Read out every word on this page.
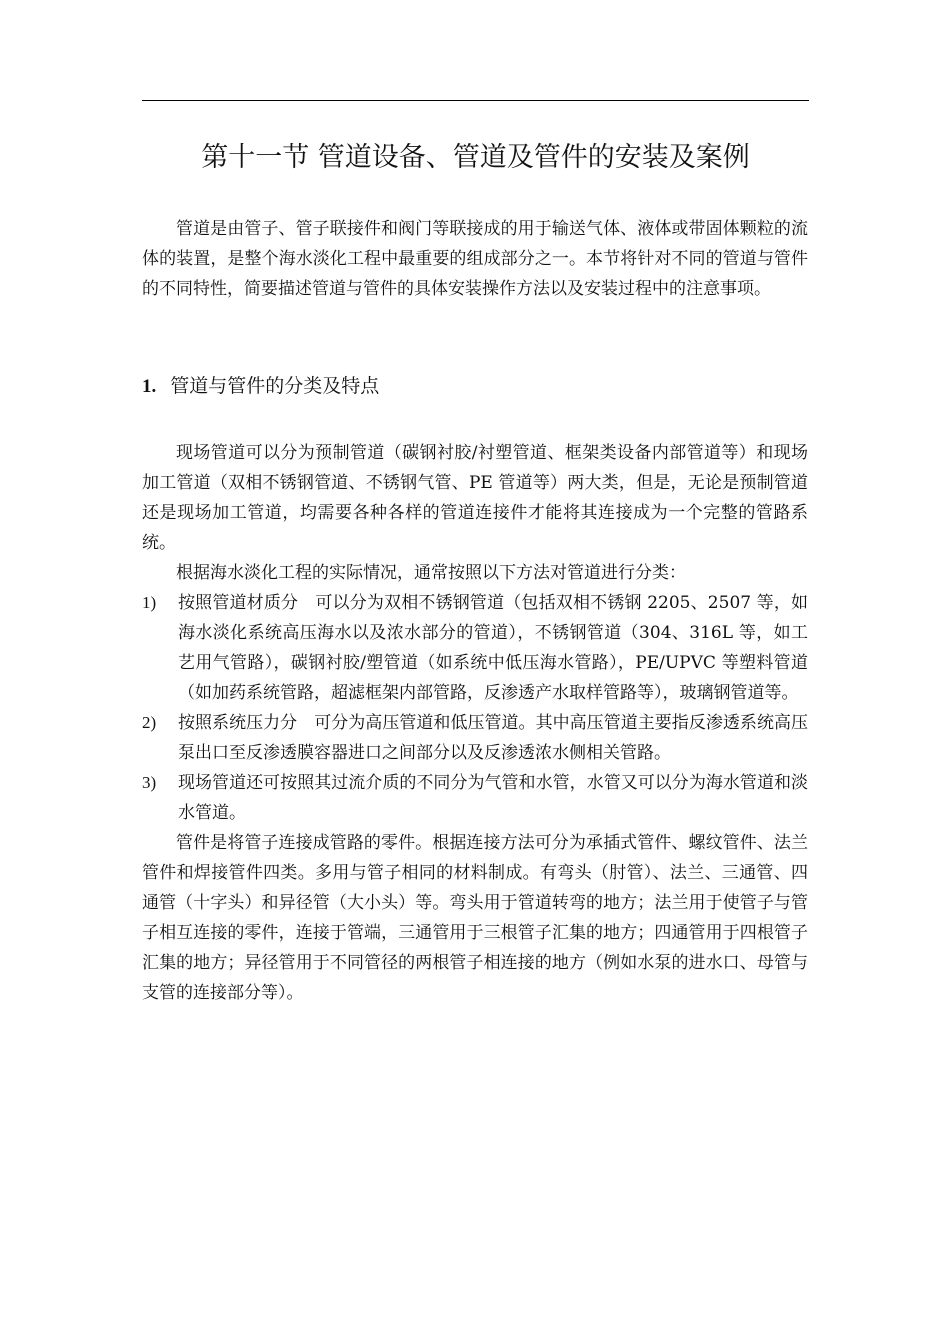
第十一节 管道设备、管道及管件的安装及案例

管道是由管子、管子联接件和阀门等联接成的用于输送气体、液体或带固体颗粒的流体的装置，是整个海水淡化工程中最重要的组成部分之一。本节将针对不同的管道与管件的不同特性，简要描述管道与管件的具体安装操作方法以及安装过程中的注意事项。

1. 管道与管件的分类及特点

现场管道可以分为预制管道（碳钢衬胶/衬塑管道、框架类设备内部管道等）和现场加工管道（双相不锈钢管道、不锈钢气管、PE 管道等）两大类，但是，无论是预制管道还是现场加工管道，均需要各种各样的管道连接件才能将其连接成为一个完整的管路系统。

根据海水淡化工程的实际情况，通常按照以下方法对管道进行分类：

1)	按照管道材质分　可以分为双相不锈钢管道（包括双相不锈钢 2205、2507 等，如海水淡化系统高压海水以及浓水部分的管道），不锈钢管道（304、316L 等，如工艺用气管路），碳钢衬胶/塑管道（如系统中低压海水管路），PE/UPVC 等塑料管道（如加药系统管路，超滤框架内部管路，反渗透产水取样管路等），玻璃钢管道等。
2)	按照系统压力分　可分为高压管道和低压管道。其中高压管道主要指反渗透系统高压泵出口至反渗透膜容器进口之间部分以及反渗透浓水侧相关管路。
3)	现场管道还可按照其过流介质的不同分为气管和水管，水管又可以分为海水管道和淡水管道。

管件是将管子连接成管路的零件。根据连接方法可分为承插式管件、螺纹管件、法兰管件和焊接管件四类。多用与管子相同的材料制成。有弯头（肘管）、法兰、三通管、四通管（十字头）和异径管（大小头）等。弯头用于管道转弯的地方；法兰用于使管子与管子相互连接的零件，连接于管端，三通管用于三根管子汇集的地方；四通管用于四根管子汇集的地方；异径管用于不同管径的两根管子相连接的地方（例如水泵的进水口、母管与支管的连接部分等）。
